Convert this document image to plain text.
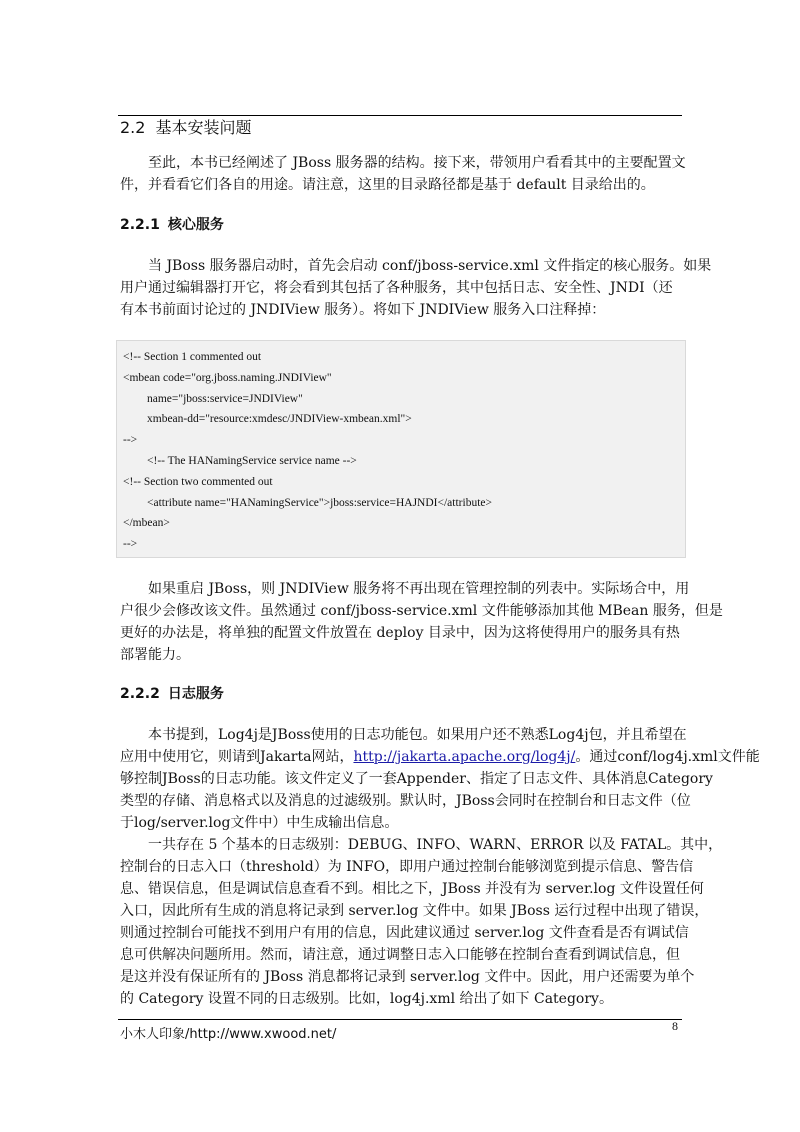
2.2 基本安装问题
至此，本书已经阐述了 JBoss 服务器的结构。接下来，带领用户看看其中的主要配置文
件，并看看它们各自的用途。请注意，这里的目录路径都是基于 default 目录给出的。
2.2.1 核心服务
当 JBoss 服务器启动时，首先会启动 conf/jboss-service.xml 文件指定的核心服务。如果
用户通过编辑器打开它，将会看到其包括了各种服务，其中包括日志、安全性、JNDI（还
有本书前面讨论过的 JNDIView 服务）。将如下 JNDIView 服务入口注释掉：
<!-- Section 1 commented out
<mbean code="org.jboss.naming.JNDIView"
name="jboss:service=JNDIView"
xmbean-dd="resource:xmdesc/JNDIView-xmbean.xml">
-->
<!-- The HANamingService service name -->
<!-- Section two commented out
<attribute name="HANamingService">jboss:service=HAJNDI</attribute>
</mbean>
-->
如果重启 JBoss，则 JNDIView 服务将不再出现在管理控制的列表中。实际场合中，用
户很少会修改该文件。虽然通过 conf/jboss-service.xml 文件能够添加其他 MBean 服务，但是
更好的办法是，将单独的配置文件放置在 deploy 目录中，因为这将使得用户的服务具有热
部署能力。
2.2.2 日志服务
本书提到，Log4j是JBoss使用的日志功能包。如果用户还不熟悉Log4j包，并且希望在
应用中使用它，则请到Jakarta网站，http://jakarta.apache.org/log4j/。通过conf/log4j.xml文件能
够控制JBoss的日志功能。该文件定义了一套Appender、指定了日志文件、具体消息Category
类型的存储、消息格式以及消息的过滤级别。默认时，JBoss会同时在控制台和日志文件（位
于log/server.log文件中）中生成输出信息。
一共存在 5 个基本的日志级别：DEBUG、INFO、WARN、ERROR 以及 FATAL。其中，
控制台的日志入口（threshold）为 INFO，即用户通过控制台能够浏览到提示信息、警告信
息、错误信息，但是调试信息查看不到。相比之下，JBoss 并没有为 server.log 文件设置任何
入口，因此所有生成的消息将记录到 server.log 文件中。如果 JBoss 运行过程中出现了错误，
则通过控制台可能找不到用户有用的信息，因此建议通过 server.log 文件查看是否有调试信
息可供解决问题所用。然而，请注意，通过调整日志入口能够在控制台查看到调试信息，但
是这并没有保证所有的 JBoss 消息都将记录到 server.log 文件中。因此，用户还需要为单个
的 Category 设置不同的日志级别。比如，log4j.xml 给出了如下 Category。
小木人印象/http://www.xwood.net/
8
